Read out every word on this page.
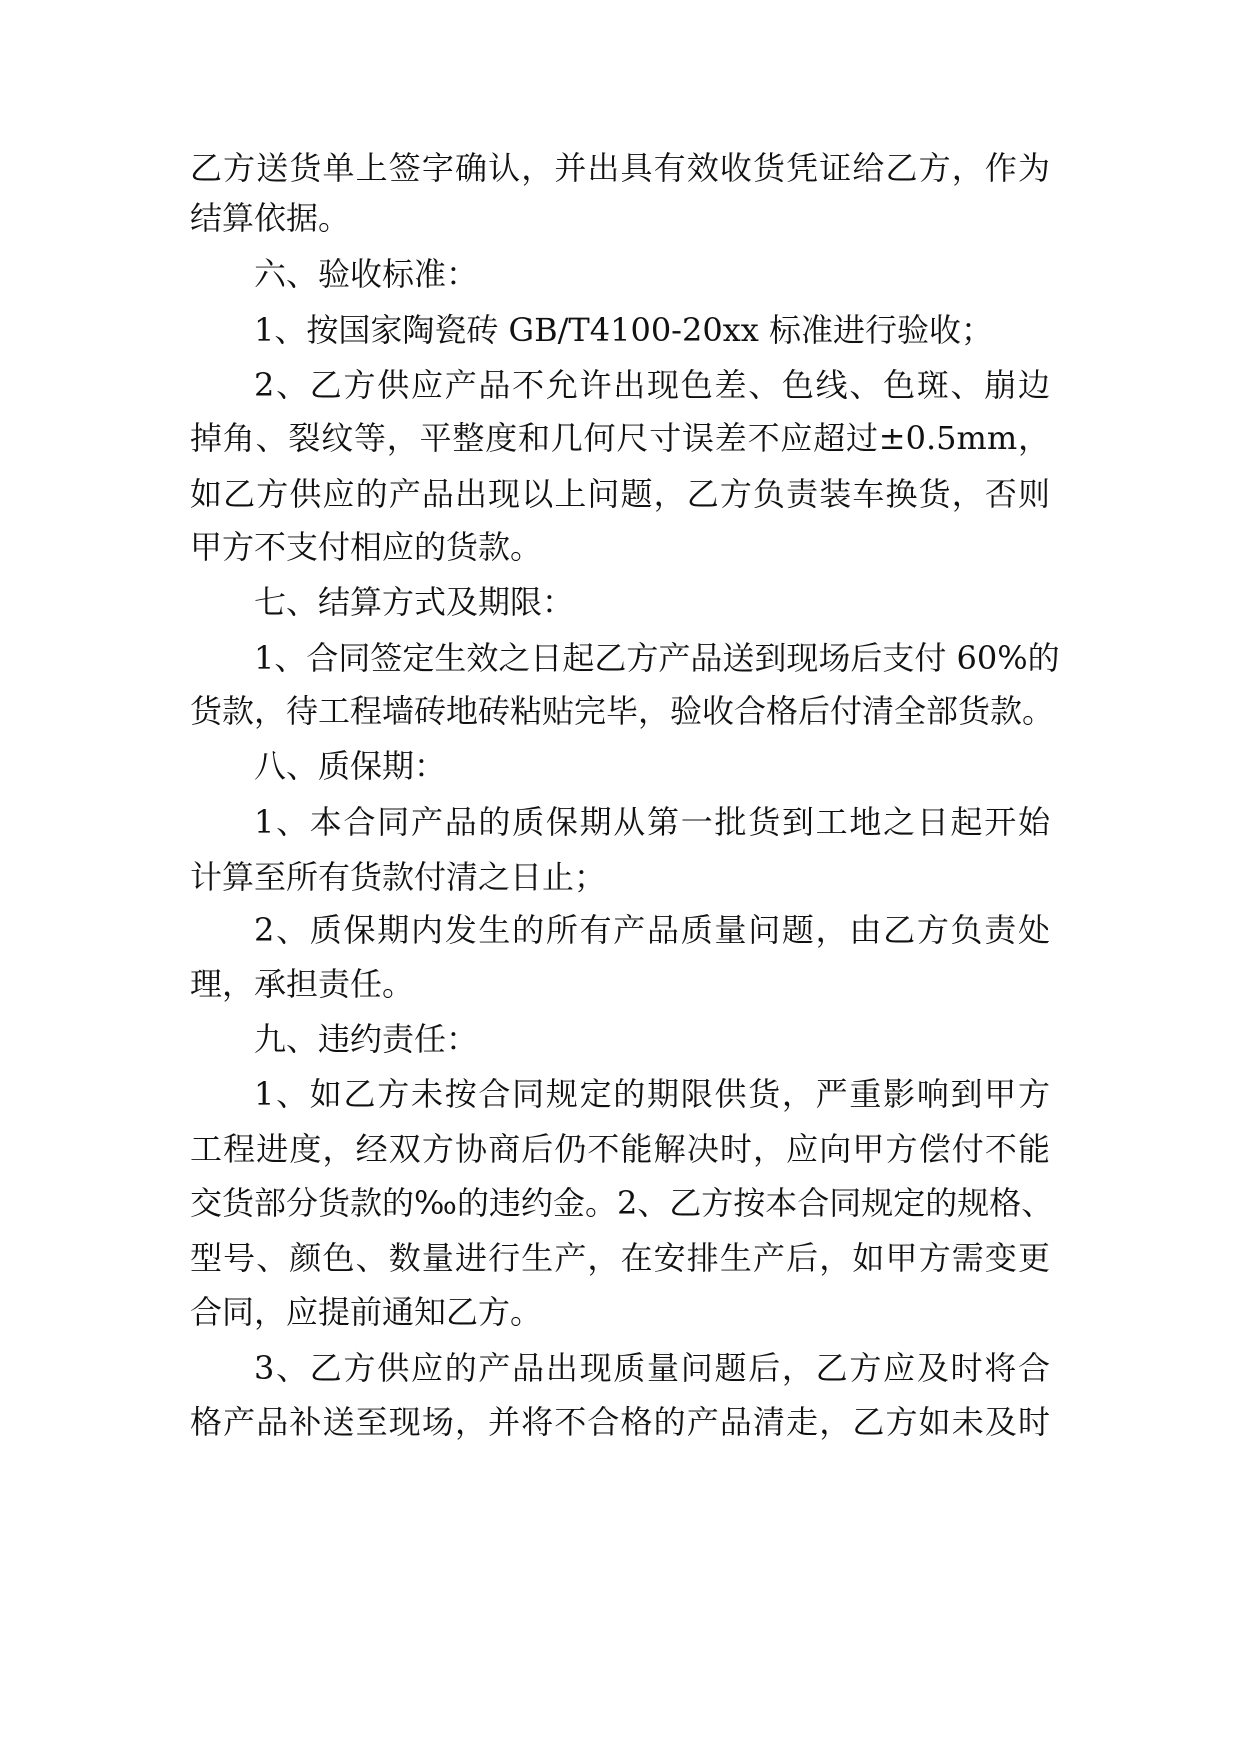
乙方送货单上签字确认，并出具有效收货凭证给乙方，作为
结算依据。
六、验收标准：
1、按国家陶瓷砖 GB/T4100-20xx 标准进行验收；
2、乙方供应产品不允许出现色差、色线、色斑、崩边
掉角、裂纹等，平整度和几何尺寸误差不应超过±0.5mm，
如乙方供应的产品出现以上问题，乙方负责装车换货，否则
甲方不支付相应的货款。
七、结算方式及期限：
1、合同签定生效之日起乙方产品送到现场后支付 60%的
货款，待工程墙砖地砖粘贴完毕，验收合格后付清全部货款。
八、质保期：
1、本合同产品的质保期从第一批货到工地之日起开始
计算至所有货款付清之日止；
2、质保期内发生的所有产品质量问题，由乙方负责处
理，承担责任。
九、违约责任：
1、如乙方未按合同规定的期限供货，严重影响到甲方
工程进度，经双方协商后仍不能解决时，应向甲方偿付不能
交货部分货款的‰的违约金。2、乙方按本合同规定的规格、
型号、颜色、数量进行生产，在安排生产后，如甲方需变更
合同，应提前通知乙方。
3、乙方供应的产品出现质量问题后，乙方应及时将合
格产品补送至现场，并将不合格的产品清走，乙方如未及时
